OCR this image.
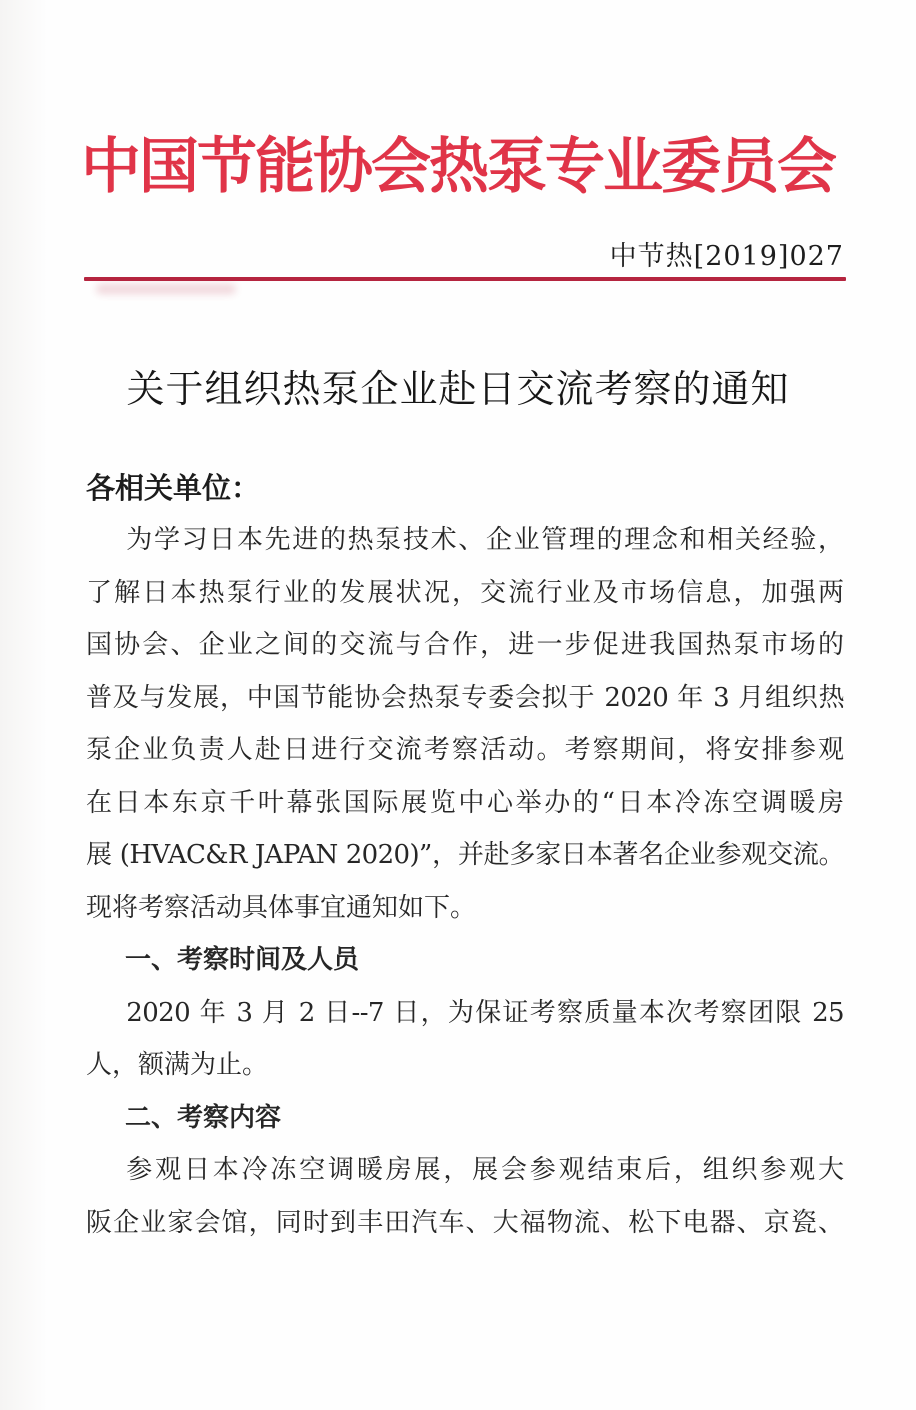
中国节能协会热泵专业委员会
中节热[2019]027
关于组织热泵企业赴日交流考察的通知
各相关单位：
为学习日本先进的热泵技术、企业管理的理念和相关经验，
了解日本热泵行业的发展状况，交流行业及市场信息，加强两
国协会、企业之间的交流与合作，进一步促进我国热泵市场的
普及与发展，中国节能协会热泵专委会拟于 2020 年 3 月组织热
泵企业负责人赴日进行交流考察活动。考察期间，将安排参观
在日本东京千叶幕张国际展览中心举办的“日本冷冻空调暖房
展 (HVAC&R JAPAN 2020)”，并赴多家日本著名企业参观交流。
现将考察活动具体事宜通知如下。
一、考察时间及人员
2020 年 3 月 2 日--7 日，为保证考察质量本次考察团限 25
人，额满为止。
二、考察内容
参观日本冷冻空调暖房展，展会参观结束后，组织参观大
阪企业家会馆，同时到丰田汽车、大福物流、松下电器、京瓷、
